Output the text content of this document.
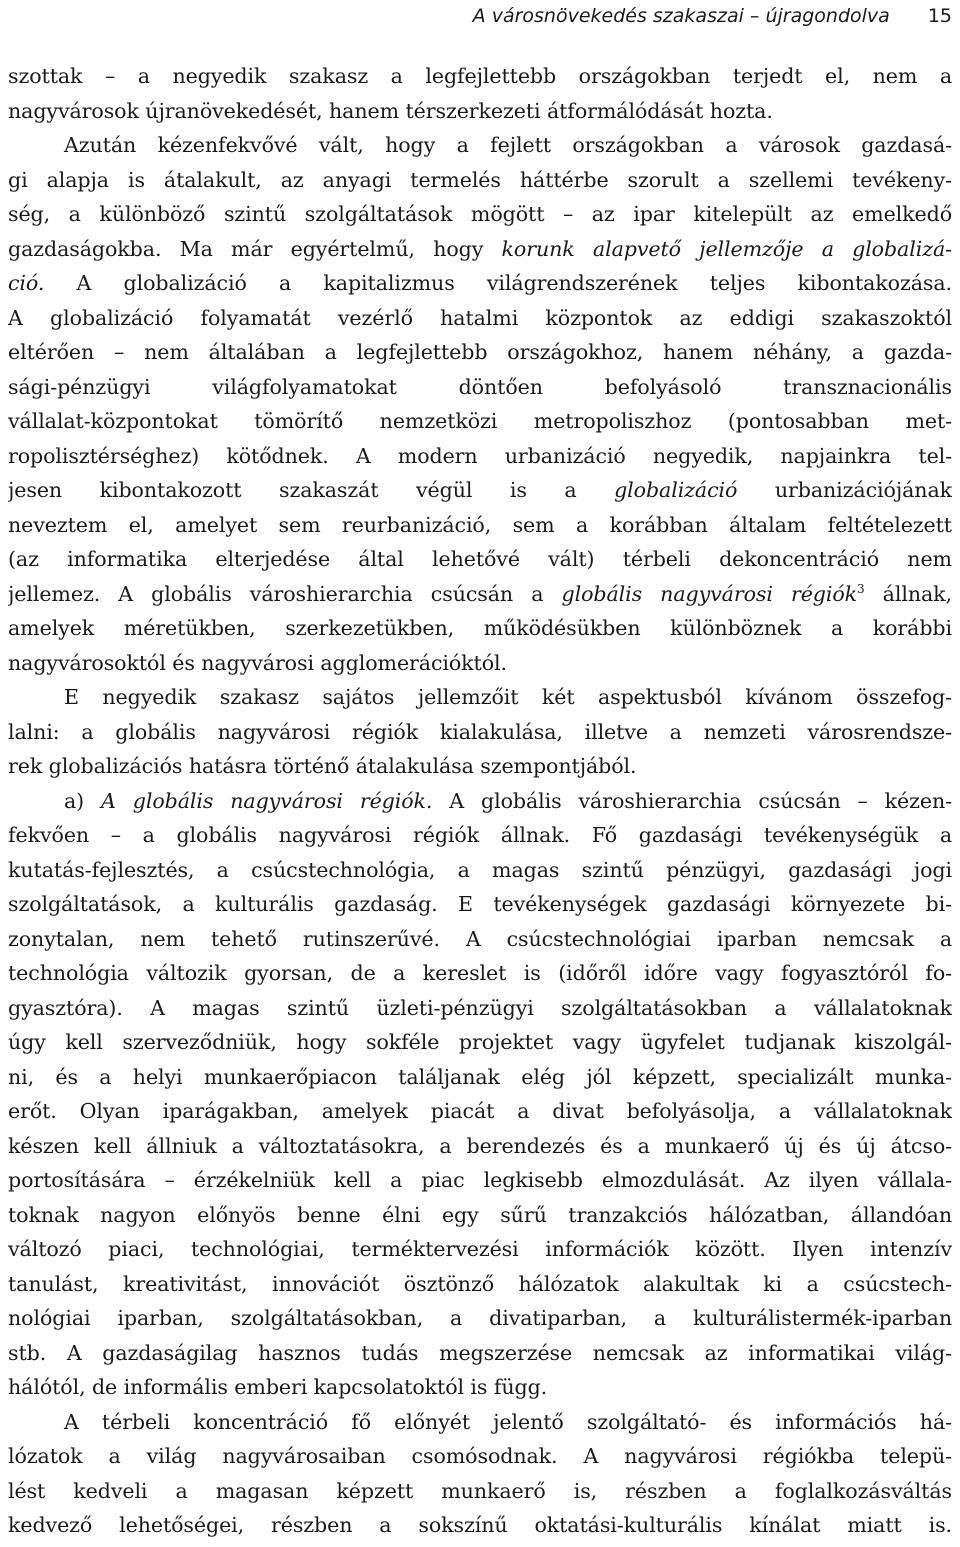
A városnövekedés szakaszai – újragondolva 15
szottak – a negyedik szakasz a legfejlettebb országokban terjedt el, nem a
nagyvárosok újranövekedését, hanem térszerkezeti átformálódását hozta.
Azután kézenfekvővé vált, hogy a fejlett országokban a városok gazdasá-
gi alapja is átalakult, az anyagi termelés háttérbe szorult a szellemi tevékeny-
ség, a különböző szintű szolgáltatások mögött – az ipar kitelepült az emelkedő
gazdaságokba. Ma már egyértelmű, hogy korunk alapvető jellemzője a globalizá-
ció. A globalizáció a kapitalizmus világrendszerének teljes kibontakozása.
A globalizáció folyamatát vezérlő hatalmi központok az eddigi szakaszoktól
eltérően – nem általában a legfejlettebb országokhoz, hanem néhány, a gazda-
sági-pénzügyi világfolyamatokat döntően befolyásoló transznacionális
vállalat-központokat tömörítő nemzetközi metropoliszhoz (pontosabban met-
ropolisztérséghez) kötődnek. A modern urbanizáció negyedik, napjainkra tel-
jesen kibontakozott szakaszát végül is a globalizáció urbanizációjának
neveztem el, amelyet sem reurbanizáció, sem a korábban általam feltételezett
(az informatika elterjedése által lehetővé vált) térbeli dekoncentráció nem
jellemez. A globális városhierarchia csúcsán a globális nagyvárosi régiók$^3$ állnak,
amelyek méretükben, szerkezetükben, működésükben különböznek a korábbi
nagyvárosoktól és nagyvárosi agglomerációktól.
E negyedik szakasz sajátos jellemzőit két aspektusból kívánom összefog-
lalni: a globális nagyvárosi régiók kialakulása, illetve a nemzeti városrendsze-
rek globalizációs hatásra történő átalakulása szempontjából.
a) A globális nagyvárosi régiók. A globális városhierarchia csúcsán – kézen-
fekvően – a globális nagyvárosi régiók állnak. Fő gazdasági tevékenységük a
kutatás-fejlesztés, a csúcstechnológia, a magas szintű pénzügyi, gazdasági jogi
szolgáltatások, a kulturális gazdaság. E tevékenységek gazdasági környezete bi-
zonytalan, nem tehető rutinszerűvé. A csúcstechnológiai iparban nemcsak a
technológia változik gyorsan, de a kereslet is (időről időre vagy fogyasztóról fo-
gyasztóra). A magas szintű üzleti-pénzügyi szolgáltatásokban a vállalatoknak
úgy kell szerveződniük, hogy sokféle projektet vagy ügyfelet tudjanak kiszolgál-
ni, és a helyi munkaerőpiacon találjanak elég jól képzett, specializált munka-
erőt. Olyan iparágakban, amelyek piacát a divat befolyásolja, a vállalatoknak
készen kell állniuk a változtatásokra, a berendezés és a munkaerő új és új átcso-
portosítására – érzékelniük kell a piac legkisebb elmozdulását. Az ilyen vállala-
toknak nagyon előnyös benne élni egy sűrű tranzakciós hálózatban, állandóan
változó piaci, technológiai, terméktervezési információk között. Ilyen intenzív
tanulást, kreativitást, innovációt ösztönző hálózatok alakultak ki a csúcstech-
nológiai iparban, szolgáltatásokban, a divatiparban, a kulturálistermék-iparban
stb. A gazdaságilag hasznos tudás megszerzése nemcsak az informatikai világ-
hálótól, de informális emberi kapcsolatoktól is függ.
A térbeli koncentráció fő előnyét jelentő szolgáltató- és információs há-
lózatok a világ nagyvárosaiban csomósodnak. A nagyvárosi régiókba telepü-
lést kedveli a magasan képzett munkaerő is, részben a foglalkozásváltás
kedvező lehetőségei, részben a sokszínű oktatási-kulturális kínálat miatt is.
